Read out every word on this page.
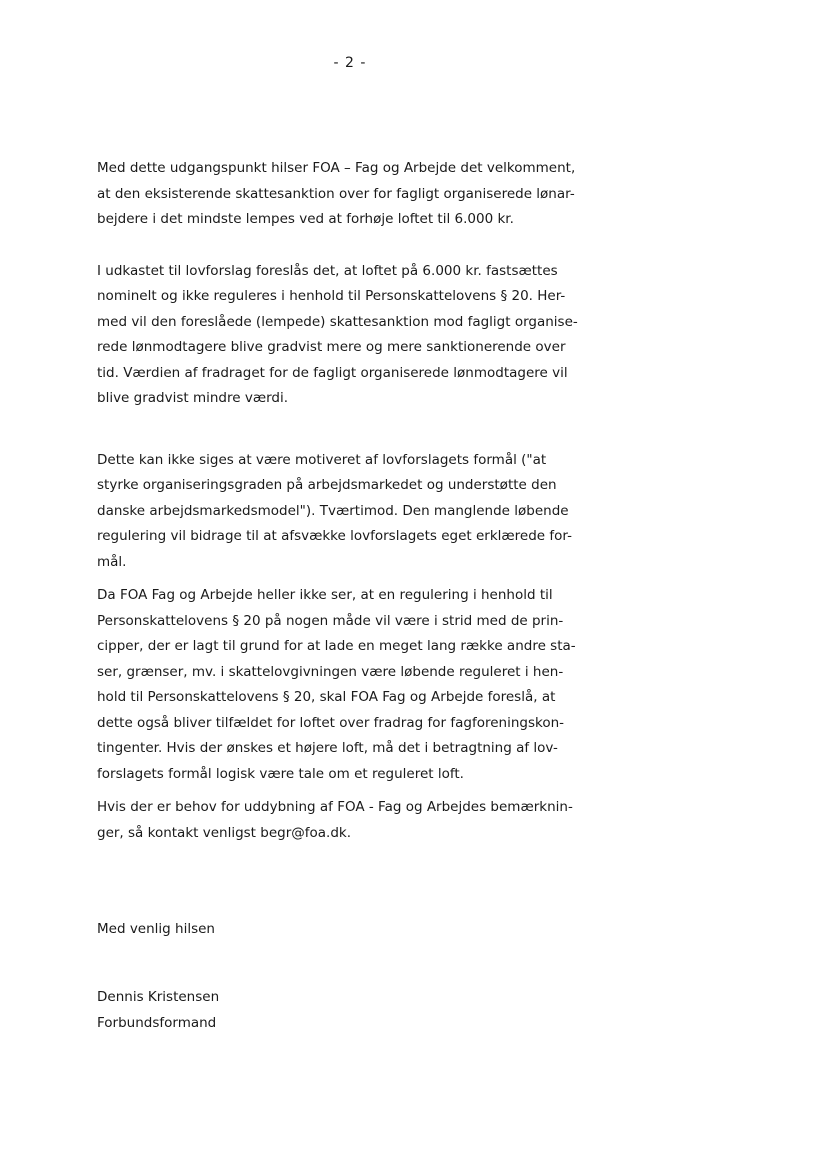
- 2 -
Med dette udgangspunkt hilser FOA – Fag og Arbejde det velkomment,
at den eksisterende skattesanktion over for fagligt organiserede lønar-
bejdere i det mindste lempes ved at forhøje loftet til 6.000 kr.
I udkastet til lovforslag foreslås det, at loftet på 6.000 kr. fastsættes
nominelt og ikke reguleres i henhold til Personskattelovens § 20. Her-
med vil den foreslåede (lempede) skattesanktion mod fagligt organise-
rede lønmodtagere blive gradvist mere og mere sanktionerende over
tid. Værdien af fradraget for de fagligt organiserede lønmodtagere vil
blive gradvist mindre værdi.
Dette kan ikke siges at være motiveret af lovforslagets formål ("at
styrke organiseringsgraden på arbejdsmarkedet og understøtte den
danske arbejdsmarkedsmodel"). Tværtimod. Den manglende løbende
regulering vil bidrage til at afsvække lovforslagets eget erklærede for-
mål.
Da FOA Fag og Arbejde heller ikke ser, at en regulering i henhold til
Personskattelovens § 20 på nogen måde vil være i strid med de prin-
cipper, der er lagt til grund for at lade en meget lang række andre sta-
ser, grænser, mv. i skattelovgivningen være løbende reguleret i hen-
hold til Personskattelovens § 20, skal FOA Fag og Arbejde foreslå, at
dette også bliver tilfældet for loftet over fradrag for fagforeningskon-
tingenter. Hvis der ønskes et højere loft, må det i betragtning af lov-
forslagets formål logisk være tale om et reguleret loft.
Hvis der er behov for uddybning af FOA - Fag og Arbejdes bemærknin-
ger, så kontakt venligst begr@foa.dk.
Med venlig hilsen
Dennis Kristensen
Forbundsformand
